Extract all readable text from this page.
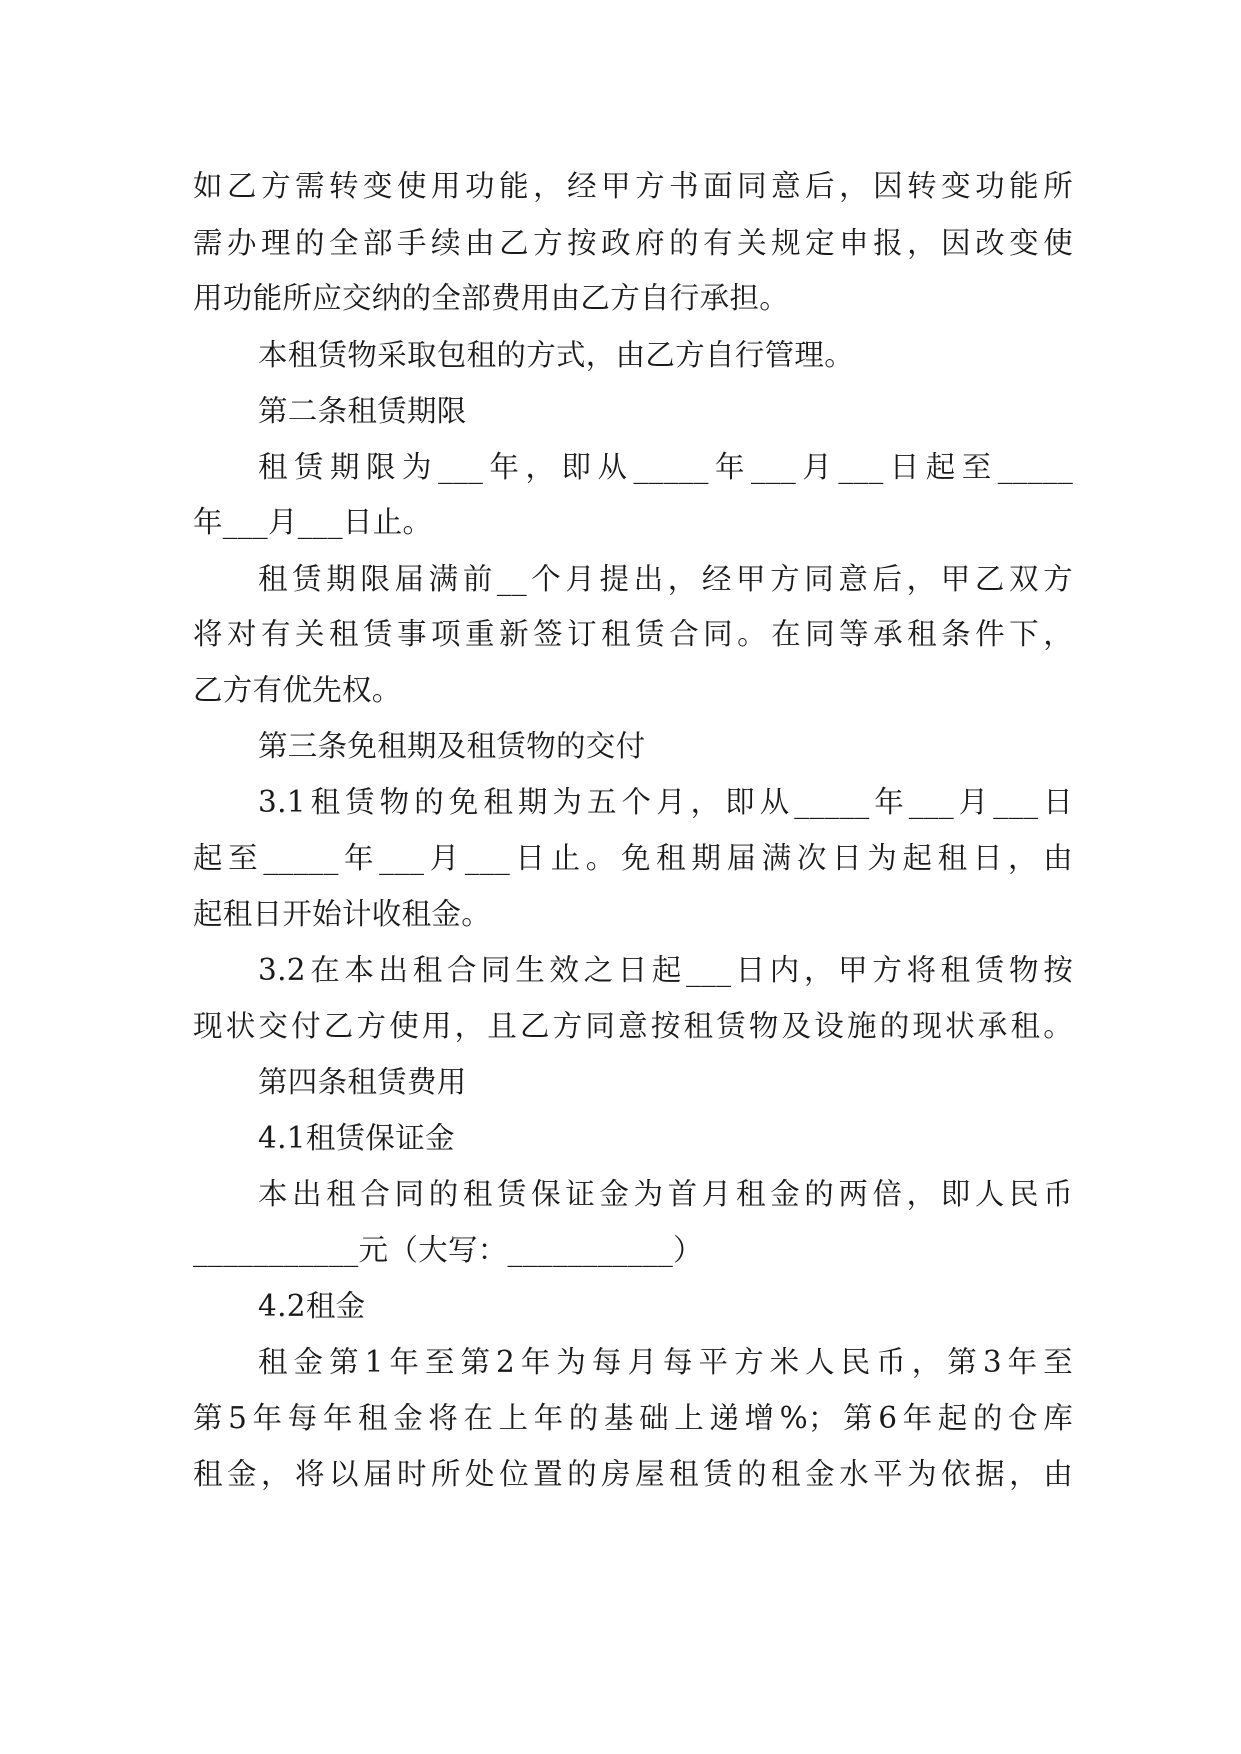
如乙方需转变使用功能，经甲方书面同意后，因转变功能所
需办理的全部手续由乙方按政府的有关规定申报，因改变使
用功能所应交纳的全部费用由乙方自行承担。
本租赁物采取包租的方式，由乙方自行管理。
第二条租赁期限
租赁期限为___年，即从_____年___月___日起至_____
年___月___日止。
租赁期限届满前__个月提出，经甲方同意后，甲乙双方
将对有关租赁事项重新签订租赁合同。在同等承租条件下，
乙方有优先权。
第三条免租期及租赁物的交付
3.1租赁物的免租期为五个月，即从_____年___月___日
起至_____年___月___日止。免租期届满次日为起租日，由
起租日开始计收租金。
3.2在本出租合同生效之日起___日内，甲方将租赁物按
现状交付乙方使用，且乙方同意按租赁物及设施的现状承租。
第四条租赁费用
4.1租赁保证金
本出租合同的租赁保证金为首月租金的两倍，即人民币
___________元（大写：___________）
4.2租金
租金第1年至第2年为每月每平方米人民币，第3年至
第5年每年租金将在上年的基础上递增%；第6年起的仓库
租金，将以届时所处位置的房屋租赁的租金水平为依据，由
